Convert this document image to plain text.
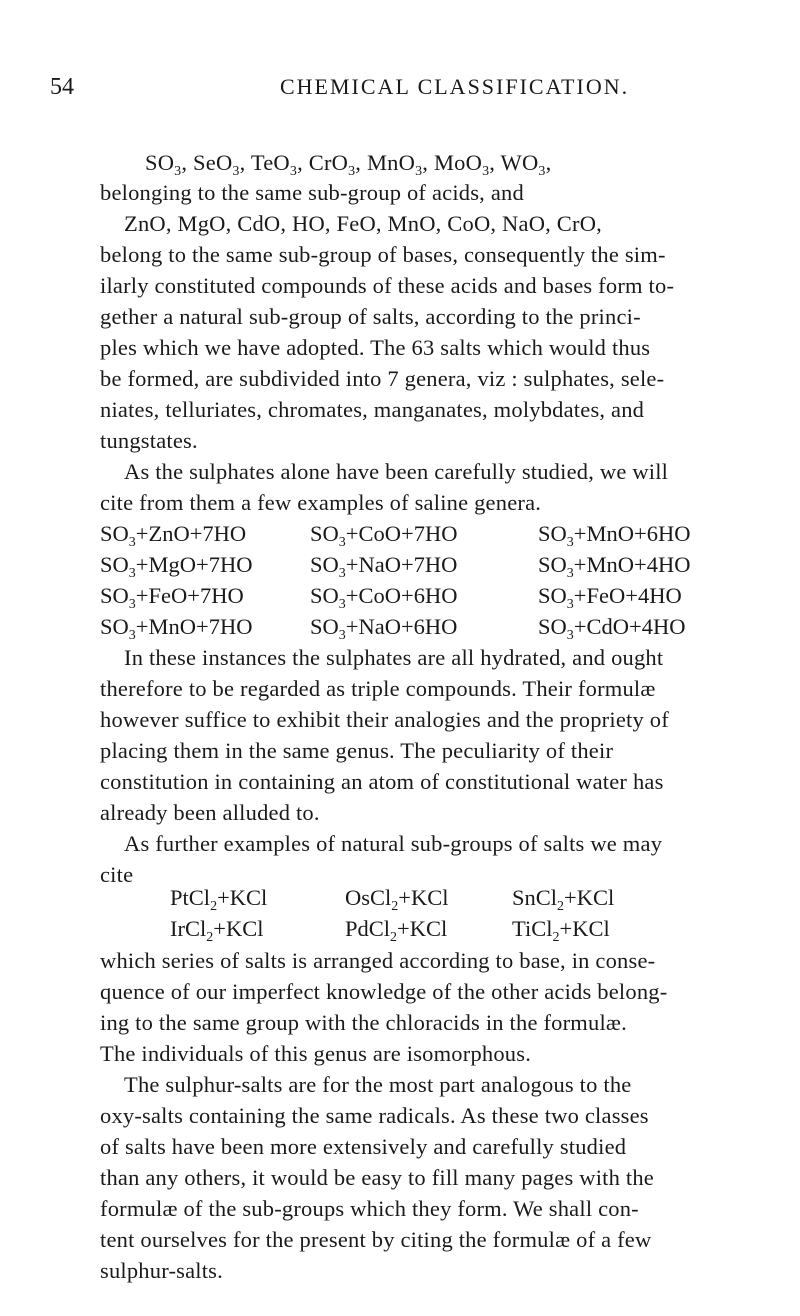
54	CHEMICAL CLASSIFICATION.
$SO_3$, SeO$_3$, TeO$_3$, CrO$_3$, MnO$_3$, MoO$_3$, $WO_3$,
belonging to the same sub-group of acids, and
ZnO, MgO, CdO, HO, FeO, MnO, CoO, NaO, CrO,
belong to the same sub-group of bases, consequently the sim-
ilarly constituted compounds of these acids and bases form to-
gether a natural sub-group of salts, according to the princi-
ples which we have adopted. The 63 salts which would thus
be formed, are subdivided into 7 genera, viz : sulphates, sele-
niates, telluriates, chromates, manganates, molybdates, and
tungstates.
As the sulphates alone have been carefully studied, we will
cite from them a few examples of saline genera.
$SO_3+ZnO+7HO$	$SO_3+CoO+7HO$	$SO_3+MnO+6HO$
$SO_3+MgO+7HO$	$SO_3+NaO+7HO$	$SO_3+MnO+4HO$
$SO_3+FeO+7HO$	$SO_3+CoO+6HO$	$SO_3+FeO+4HO$
$SO_3+MnO+7HO$	$SO_3+NaO+6HO$	$SO_3+CdO+4HO$
In these instances the sulphates are all hydrated, and ought
therefore to be regarded as triple compounds. Their formulæ
however suffice to exhibit their analogies and the propriety of
placing them in the same genus. The peculiarity of their
constitution in containing an atom of constitutional water has
already been alluded to.
As further examples of natural sub-groups of salts we may
cite
PtCl$_2$+KCl	OsCl$_2$+KCl	SnCl$_2$+KCl
IrCl$_2$+KCl	PdCl$_2$+KCl	TiCl$_2$+KCl
which series of salts is arranged according to base, in conse-
quence of our imperfect knowledge of the other acids belong-
ing to the same group with the chloracids in the formulæ.
The individuals of this genus are isomorphous.
The sulphur-salts are for the most part analogous to the
oxy-salts containing the same radicals. As these two classes
of salts have been more extensively and carefully studied
than any others, it would be easy to fill many pages with the
formulæ of the sub-groups which they form. We shall con-
tent ourselves for the present by citing the formulæ of a few
sulphur-salts.
